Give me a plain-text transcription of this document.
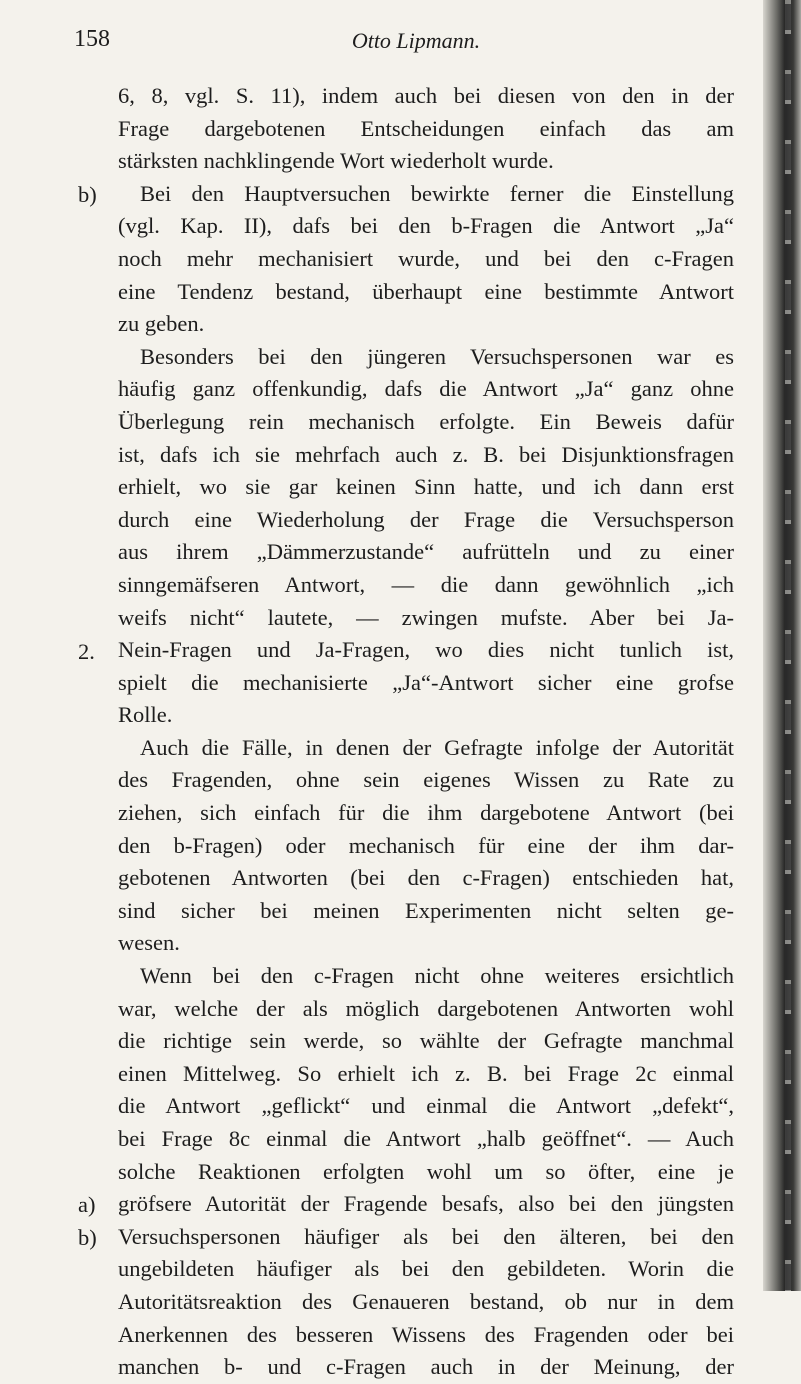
158	Otto Lipmann.
b)
2.
a)
b)
6, 8, vgl. S. 11), indem auch bei diesen von den in der
Frage dargebotenen Entscheidungen einfach das am
stärksten nachklingende Wort wiederholt wurde.
Bei den Hauptversuchen bewirkte ferner die Einstellung
(vgl. Kap. II), dafs bei den b-Fragen die Antwort „Ja“
noch mehr mechanisiert wurde, und bei den c-Fragen
eine Tendenz bestand, überhaupt eine bestimmte Antwort
zu geben.
Besonders bei den jüngeren Versuchspersonen war es
häufig ganz offenkundig, dafs die Antwort „Ja“ ganz ohne
Überlegung rein mechanisch erfolgte. Ein Beweis dafür
ist, dafs ich sie mehrfach auch z. B. bei Disjunktionsfragen
erhielt, wo sie gar keinen Sinn hatte, und ich dann erst
durch eine Wiederholung der Frage die Versuchsperson
aus ihrem „Dämmerzustande“ aufrütteln und zu einer
sinngemäfseren Antwort, — die dann gewöhnlich „ich
weifs nicht“ lautete, — zwingen mufste. Aber bei Ja-
Nein-Fragen und Ja-Fragen, wo dies nicht tunlich ist,
spielt die mechanisierte „Ja“-Antwort sicher eine grofse
Rolle.
Auch die Fälle, in denen der Gefragte infolge der Autorität
des Fragenden, ohne sein eigenes Wissen zu Rate zu
ziehen, sich einfach für die ihm dargebotene Antwort (bei
den b-Fragen) oder mechanisch für eine der ihm dar-
gebotenen Antworten (bei den c-Fragen) entschieden hat,
sind sicher bei meinen Experimenten nicht selten ge-
wesen.
Wenn bei den c-Fragen nicht ohne weiteres ersichtlich
war, welche der als möglich dargebotenen Antworten wohl
die richtige sein werde, so wählte der Gefragte manchmal
einen Mittelweg. So erhielt ich z. B. bei Frage 2c einmal
die Antwort „geflickt“ und einmal die Antwort „defekt“,
bei Frage 8c einmal die Antwort „halb geöffnet“. — Auch
solche Reaktionen erfolgten wohl um so öfter, eine je
gröfsere Autorität der Fragende besafs, also bei den jüngsten
Versuchspersonen häufiger als bei den älteren, bei den
ungebildeten häufiger als bei den gebildeten. Worin die
Autoritätsreaktion des Genaueren bestand, ob nur in dem
Anerkennen des besseren Wissens des Fragenden oder bei
manchen b- und c-Fragen auch in der Meinung, der
